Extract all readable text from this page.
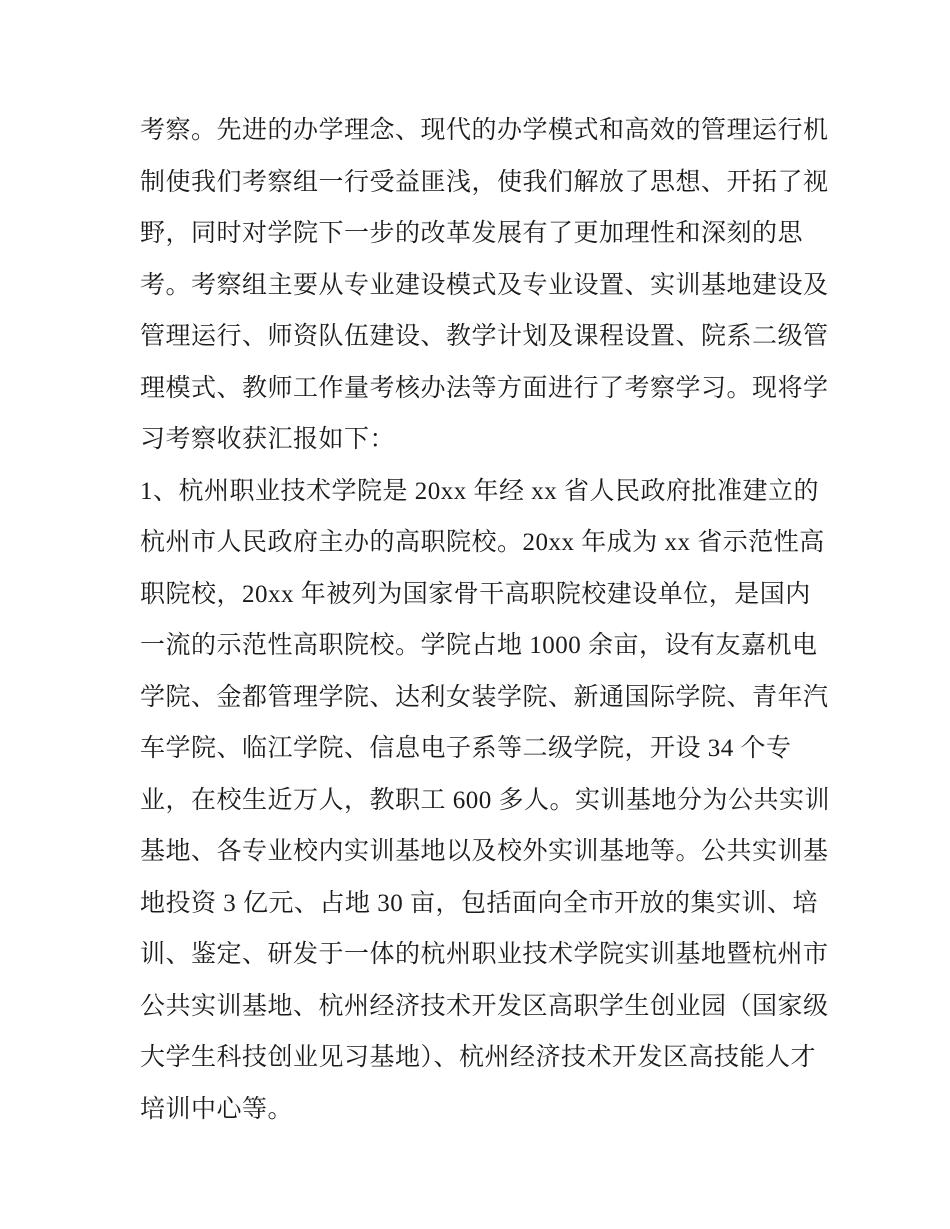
考察。先进的办学理念、现代的办学模式和高效的管理运行机
制使我们考察组一行受益匪浅，使我们解放了思想、开拓了视
野，同时对学院下一步的改革发展有了更加理性和深刻的思
考。考察组主要从专业建设模式及专业设置、实训基地建设及
管理运行、师资队伍建设、教学计划及课程设置、院系二级管
理模式、教师工作量考核办法等方面进行了考察学习。现将学
习考察收获汇报如下：
1、杭州职业技术学院是 20xx 年经 xx 省人民政府批准建立的
杭州市人民政府主办的高职院校。20xx 年成为 xx 省示范性高
职院校，20xx 年被列为国家骨干高职院校建设单位，是国内
一流的示范性高职院校。学院占地 1000 余亩，设有友嘉机电
学院、金都管理学院、达利女装学院、新通国际学院、青年汽
车学院、临江学院、信息电子系等二级学院，开设 34 个专
业，在校生近万人，教职工 600 多人。实训基地分为公共实训
基地、各专业校内实训基地以及校外实训基地等。公共实训基
地投资 3 亿元、占地 30 亩，包括面向全市开放的集实训、培
训、鉴定、研发于一体的杭州职业技术学院实训基地暨杭州市
公共实训基地、杭州经济技术开发区高职学生创业园（国家级
大学生科技创业见习基地）、杭州经济技术开发区高技能人才
培训中心等。
